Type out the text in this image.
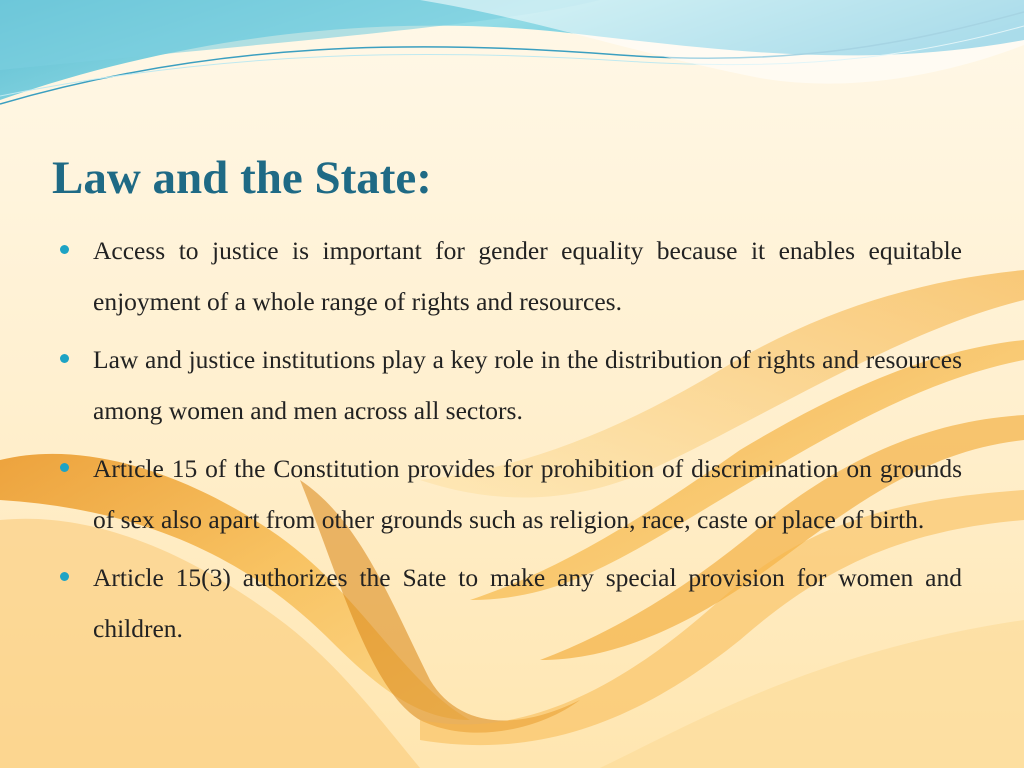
Law and the State:
Access to justice is important for gender equality because it enables equitable enjoyment of a whole range of rights and resources.
Law and justice institutions play a key role in the distribution of rights and resources among women and men across all sectors.
Article 15 of the Constitution provides for prohibition of discrimination on grounds of sex also apart from other grounds such as religion, race, caste or place of birth.
Article 15(3) authorizes the Sate to make any special provision for women and children.
